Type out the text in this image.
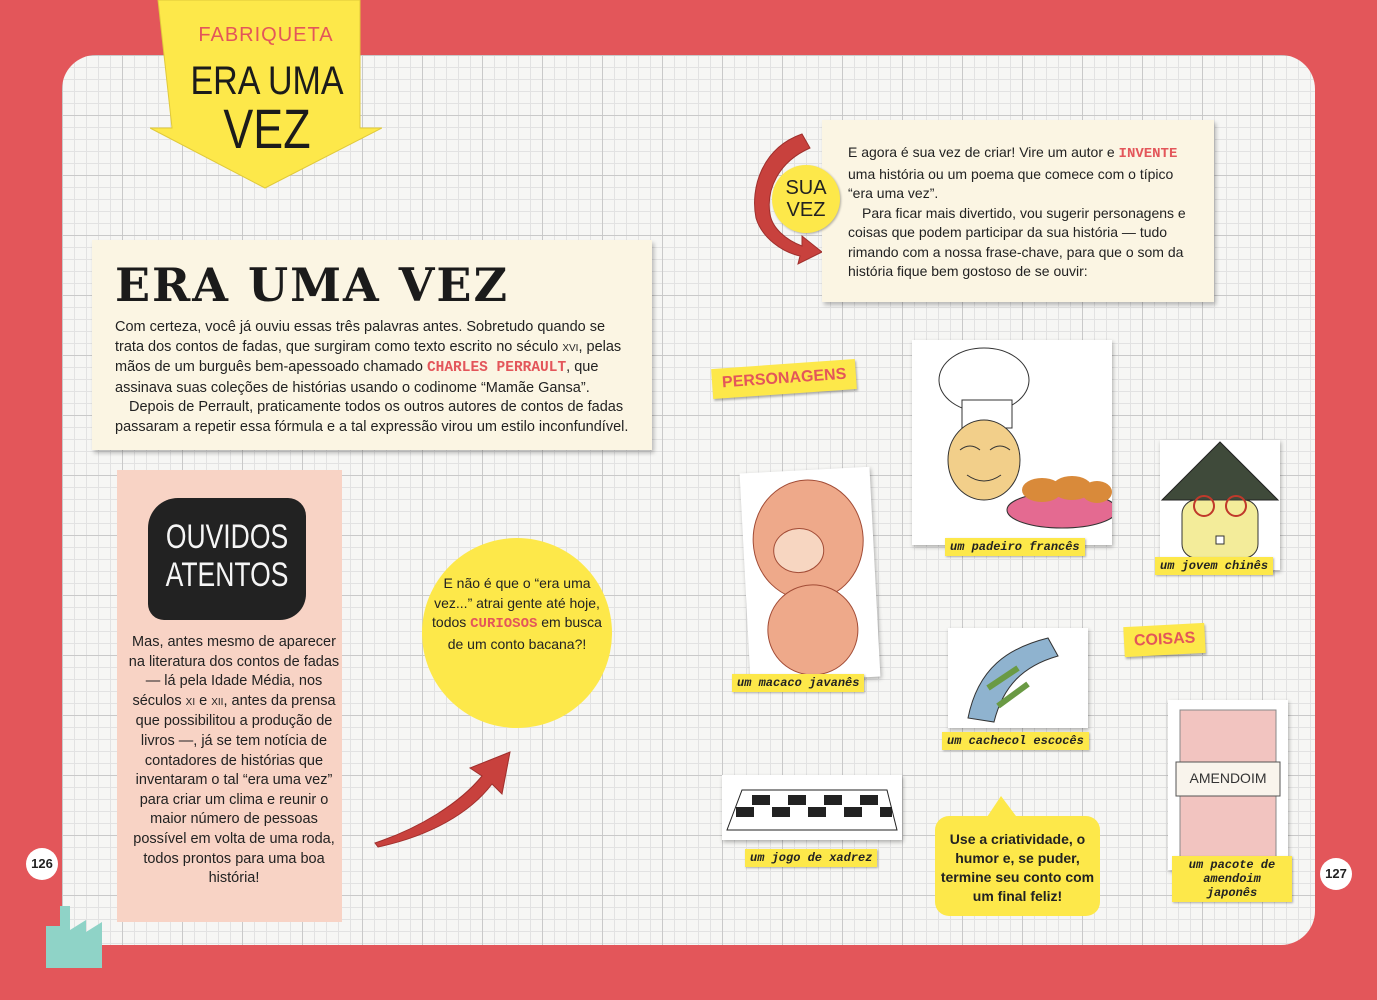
FABRIQUETA
ERA UMA
VEZ
ERA UMA VEZ
Com certeza, você já ouviu essas três palavras antes. Sobretudo quando se trata dos contos de fadas, que surgiram como texto escrito no século XVI, pelas mãos de um burguês bem-apessoado chamado CHARLES PERRAULT, que assinava suas coleções de histórias usando o codinome “Mamãe Gansa”.
Depois de Perrault, praticamente todos os outros autores de contos de fadas passaram a repetir essa fórmula e a tal expressão virou um estilo inconfundível.
OUVIDOS
ATENTOS
Mas, antes mesmo de aparecer na literatura dos contos de fadas — lá pela Idade Média, nos séculos XI e XII, antes da prensa que possibilitou a produção de livros —, já se tem notícia de contadores de histórias que inventaram o tal “era uma vez” para criar um clima e reunir o maior número de pessoas possível em volta de uma roda, todos prontos para uma boa história!
E não é que o “era uma vez...” atrai gente até hoje, todos CURIOSOS em busca de um conto bacana?!
SUA
VEZ
E agora é sua vez de criar! Vire um autor e INVENTE uma história ou um poema que comece com o típico “era uma vez”.
Para ficar mais divertido, vou sugerir personagens e coisas que podem participar da sua história — tudo rimando com a nossa frase-chave, para que o som da história fique bem gostoso de se ouvir:
PERSONAGENS
COISAS
um padeiro francês
um jovem chinês
um macaco javanês
um cachecol escocês
AMENDOIM
um pacote de amendoim japonês
um jogo de xadrez
Use a criatividade, o humor e, se puder, termine seu conto com um final feliz!
126
127
